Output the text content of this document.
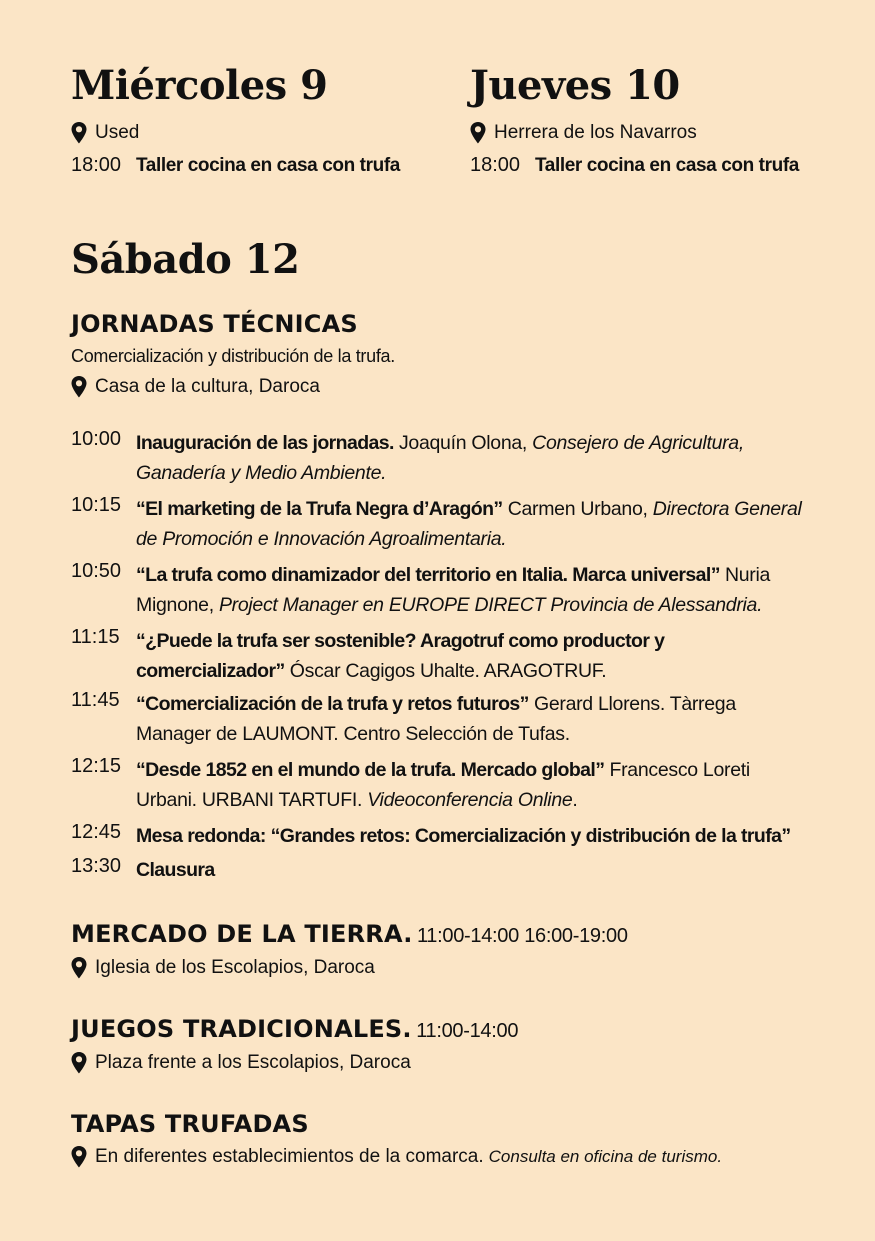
Miércoles 9
Used
18:00 Taller cocina en casa con trufa
Jueves 10
Herrera de los Navarros
18:00 Taller cocina en casa con trufa
Sábado 12
JORNADAS TÉCNICAS
Comercialización y distribución de la trufa.
Casa de la cultura, Daroca
10:00 Inauguración de las jornadas. Joaquín Olona, Consejero de Agricultura, Ganadería y Medio Ambiente.
10:15 “El marketing de la Trufa Negra d’Aragón” Carmen Urbano, Directora General de Promoción e Innovación Agroalimentaria.
10:50 “La trufa como dinamizador del territorio en Italia. Marca universal” Nuria Mignone, Project Manager en EUROPE DIRECT Provincia de Alessandria.
11:15 “¿Puede la trufa ser sostenible? Aragotruf como productor y comercializador” Óscar Cagigos Uhalte. ARAGOTRUF.
11:45 “Comercialización de la trufa y retos futuros” Gerard Llorens. Tàrrega Manager de LAUMONT. Centro Selección de Tufas.
12:15 “Desde 1852 en el mundo de la trufa. Mercado global” Francesco Loreti Urbani. URBANI TARTUFI. Videoconferencia Online.
12:45 Mesa redonda: “Grandes retos: Comercialización y distribución de la trufa”
13:30 Clausura
MERCADO DE LA TIERRA. 11:00-14:00 16:00-19:00
Iglesia de los Escolapios, Daroca
JUEGOS TRADICIONALES. 11:00-14:00
Plaza frente a los Escolapios, Daroca
TAPAS TRUFADAS
En diferentes establecimientos de la comarca. Consulta en oficina de turismo.
